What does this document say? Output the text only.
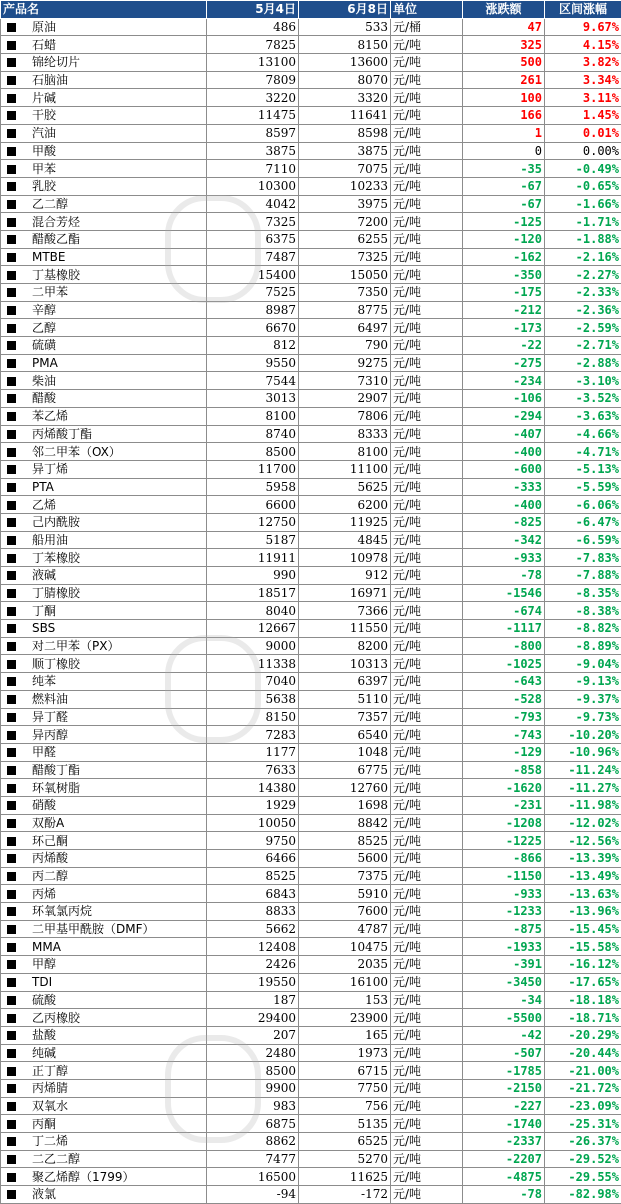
产品名	5月4日	6月8日	单位	涨跌额	区间涨幅
原油	486	533	元/桶	47	9.67%
石蜡	7825	8150	元/吨	325	4.15%
锦纶切片	13100	13600	元/吨	500	3.82%
石脑油	7809	8070	元/吨	261	3.34%
片碱	3220	3320	元/吨	100	3.11%
干胶	11475	11641	元/吨	166	1.45%
汽油	8597	8598	元/吨	1	0.01%
甲酸	3875	3875	元/吨	0	0.00%
甲苯	7110	7075	元/吨	-35	-0.49%
乳胶	10300	10233	元/吨	-67	-0.65%
乙二醇	4042	3975	元/吨	-67	-1.66%
混合芳烃	7325	7200	元/吨	-125	-1.71%
醋酸乙酯	6375	6255	元/吨	-120	-1.88%
MTBE	7487	7325	元/吨	-162	-2.16%
丁基橡胶	15400	15050	元/吨	-350	-2.27%
二甲苯	7525	7350	元/吨	-175	-2.33%
辛醇	8987	8775	元/吨	-212	-2.36%
乙醇	6670	6497	元/吨	-173	-2.59%
硫磺	812	790	元/吨	-22	-2.71%
PMA	9550	9275	元/吨	-275	-2.88%
柴油	7544	7310	元/吨	-234	-3.10%
醋酸	3013	2907	元/吨	-106	-3.52%
苯乙烯	8100	7806	元/吨	-294	-3.63%
丙烯酸丁酯	8740	8333	元/吨	-407	-4.66%
邻二甲苯（OX）	8500	8100	元/吨	-400	-4.71%
异丁烯	11700	11100	元/吨	-600	-5.13%
PTA	5958	5625	元/吨	-333	-5.59%
乙烯	6600	6200	元/吨	-400	-6.06%
己内酰胺	12750	11925	元/吨	-825	-6.47%
船用油	5187	4845	元/吨	-342	-6.59%
丁苯橡胶	11911	10978	元/吨	-933	-7.83%
液碱	990	912	元/吨	-78	-7.88%
丁腈橡胶	18517	16971	元/吨	-1546	-8.35%
丁酮	8040	7366	元/吨	-674	-8.38%
SBS	12667	11550	元/吨	-1117	-8.82%
对二甲苯（PX）	9000	8200	元/吨	-800	-8.89%
顺丁橡胶	11338	10313	元/吨	-1025	-9.04%
纯苯	7040	6397	元/吨	-643	-9.13%
燃料油	5638	5110	元/吨	-528	-9.37%
异丁醛	8150	7357	元/吨	-793	-9.73%
异丙醇	7283	6540	元/吨	-743	-10.20%
甲醛	1177	1048	元/吨	-129	-10.96%
醋酸丁酯	7633	6775	元/吨	-858	-11.24%
环氧树脂	14380	12760	元/吨	-1620	-11.27%
硝酸	1929	1698	元/吨	-231	-11.98%
双酚A	10050	8842	元/吨	-1208	-12.02%
环己酮	9750	8525	元/吨	-1225	-12.56%
丙烯酸	6466	5600	元/吨	-866	-13.39%
丙二醇	8525	7375	元/吨	-1150	-13.49%
丙烯	6843	5910	元/吨	-933	-13.63%
环氧氯丙烷	8833	7600	元/吨	-1233	-13.96%
二甲基甲酰胺（DMF）	5662	4787	元/吨	-875	-15.45%
MMA	12408	10475	元/吨	-1933	-15.58%
甲醇	2426	2035	元/吨	-391	-16.12%
TDI	19550	16100	元/吨	-3450	-17.65%
硫酸	187	153	元/吨	-34	-18.18%
乙丙橡胶	29400	23900	元/吨	-5500	-18.71%
盐酸	207	165	元/吨	-42	-20.29%
纯碱	2480	1973	元/吨	-507	-20.44%
正丁醇	8500	6715	元/吨	-1785	-21.00%
丙烯腈	9900	7750	元/吨	-2150	-21.72%
双氧水	983	756	元/吨	-227	-23.09%
丙酮	6875	5135	元/吨	-1740	-25.31%
丁二烯	8862	6525	元/吨	-2337	-26.37%
二乙二醇	7477	5270	元/吨	-2207	-29.52%
聚乙烯醇（1799）	16500	11625	元/吨	-4875	-29.55%
液氯	-94	-172	元/吨	-78	-82.98%
